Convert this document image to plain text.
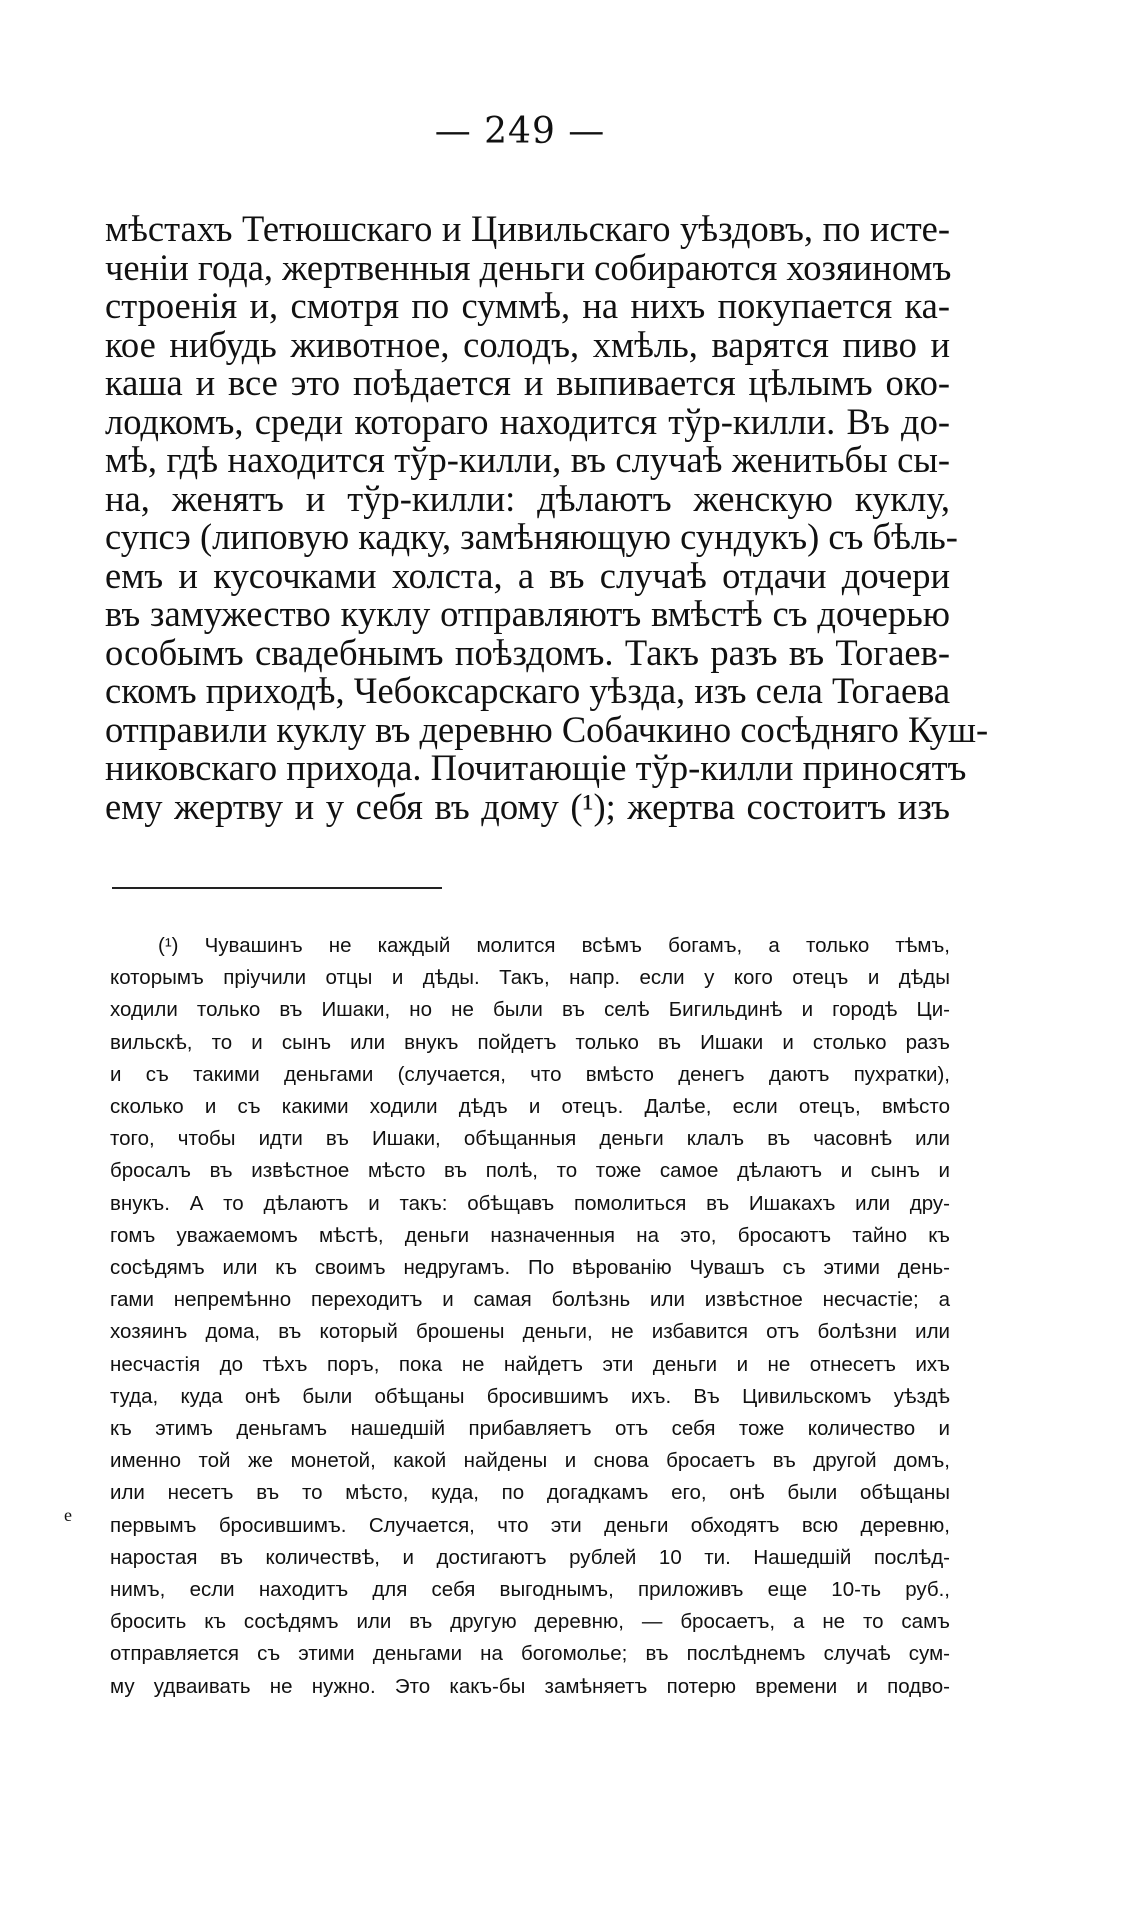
— 249 —
мѣстахъ Тетюшскаго и Цивильскаго уѣздовъ, по исте-
ченіи года, жертвенныя деньги собираются хозяиномъ
строенія и, смотря по суммѣ, на нихъ покупается ка-
кое нибудь животное, солодъ, хмѣль, варятся пиво и
каша и все это поѣдается и выпивается цѣлымъ око-
лодкомъ, среди котораго находится тўр-килли. Въ до-
мѣ, гдѣ находится тўр-килли, въ случаѣ женитьбы сы-
на, женятъ и тўр-килли: дѣлаютъ женскую куклу,
супсэ (липовую кадку, замѣняющую сундукъ) съ бѣль-
емъ и кусочками холста, а въ случаѣ отдачи дочери
въ замужество куклу отправляютъ вмѣстѣ съ дочерью
особымъ свадебнымъ поѣздомъ. Такъ разъ въ Тогаев-
скомъ приходѣ, Чебоксарскаго уѣзда, изъ села Тогаева
отправили куклу въ деревню Собачкино сосѣдняго Куш-
никовскаго прихода. Почитающіе тўр-килли приносятъ
ему жертву и у себя въ дому (¹); жертва состоитъ изъ
(¹) Чувашинъ не каждый молится всѣмъ богамъ, а только тѣмъ,
которымъ пріучили отцы и дѣды. Такъ, напр. если у кого отецъ и дѣды
ходили только въ Ишаки, но не были въ селѣ Бигильдинѣ и городѣ Ци-
вильскѣ, то и сынъ или внукъ пойдетъ только въ Ишаки и столько разъ
и съ такими деньгами (случается, что вмѣсто денегъ даютъ пухратки),
сколько и съ какими ходили дѣдъ и отецъ. Далѣе, если отецъ, вмѣсто
того, чтобы идти въ Ишаки, обѣщанныя деньги клалъ въ часовнѣ или
бросалъ въ извѣстное мѣсто въ полѣ, то тоже самое дѣлаютъ и сынъ и
внукъ. А то дѣлаютъ и такъ: обѣщавъ помолиться въ Ишакахъ или дру-
гомъ уважаемомъ мѣстѣ, деньги назначенныя на это, бросаютъ тайно къ
сосѣдямъ или къ своимъ недругамъ. По вѣрованію Чувашъ съ этими день-
гами непремѣнно переходитъ и самая болѣзнь или извѣстное несчастіе; а
хозяинъ дома, въ который брошены деньги, не избавится отъ болѣзни или
несчастія до тѣхъ поръ, пока не найдетъ эти деньги и не отнесетъ ихъ
туда, куда онѣ были обѣщаны бросившимъ ихъ. Въ Цивильскомъ уѣздѣ
къ этимъ деньгамъ нашедшій прибавляетъ отъ себя тоже количество и
именно той же монетой, какой найдены и снова бросаетъ въ другой домъ,
или несетъ въ то мѣсто, куда, по догадкамъ его, онѣ были обѣщаны
первымъ бросившимъ. Случается, что эти деньги обходятъ всю деревню,
наростая въ количествѣ, и достигаютъ рублей 10 ти. Нашедшій послѣд-
нимъ, если находитъ для себя выгоднымъ, приложивъ еще 10-ть руб.,
бросить къ сосѣдямъ или въ другую деревню, — бросаетъ, а не то самъ
отправляется съ этими деньгами на богомолье; въ послѣднемъ случаѣ сум-
му удваивать не нужно. Это какъ-бы замѣняетъ потерю времени и подво-
е
